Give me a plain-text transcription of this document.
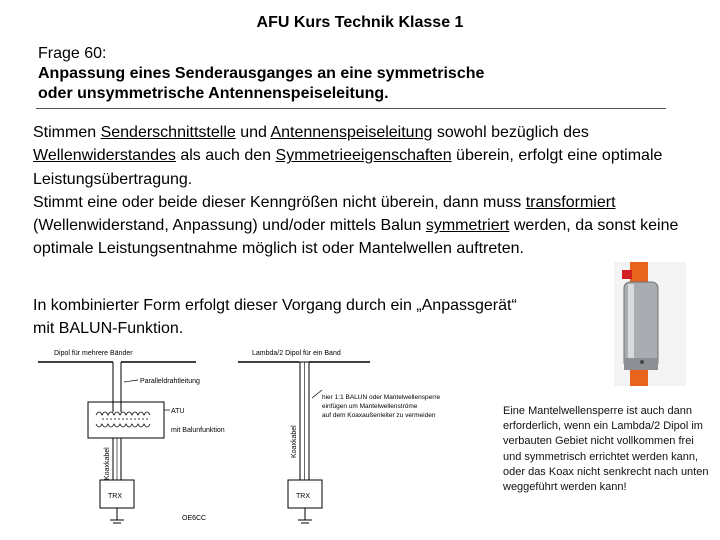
AFU Kurs Technik Klasse 1
Frage 60:
Anpassung eines Senderausganges an eine symmetrische
oder unsymmetrische Antennenspeiseleitung.

Stimmen Senderschnittstelle und Antennenspeiseleitung sowohl bezüglich des Wellenwiderstandes als auch den Symmetrieeigenschaften überein, erfolgt eine optimale Leistungsübertragung.

Stimmt eine oder beide dieser Kenngrößen nicht überein, dann muss transformiert (Wellenwiderstand, Anpassung) und/oder mittels Balun symmetriert werden, da sonst keine optimale Leistungsentnahme möglich ist oder Mantelwellen auftreten.

In kombinierter Form erfolgt dieser Vorgang durch ein „Anpassgerät“

mit BALUN-Funktion.

Dipol für mehrere Bänder
Paralleldrahtleitung
ATU
mit Balunfunktion
Koaxkabel
TRX
OE6CC
Lambda/2 Dipol für ein Band
Koaxkabel
hier 1:1 BALUN oder Mantelwellensperre
einfügen um Mantelwellenströme
auf dem Koaxaußenleiter zu vermeiden
TRX
Eine Mantelwellensperre ist auch dann erforderlich, wenn ein Lambda/2 Dipol im verbauten Gebiet nicht vollkommen frei und symmetrisch errichtet werden kann, oder das Koax nicht senkrecht nach unten weggeführt werden kann!
